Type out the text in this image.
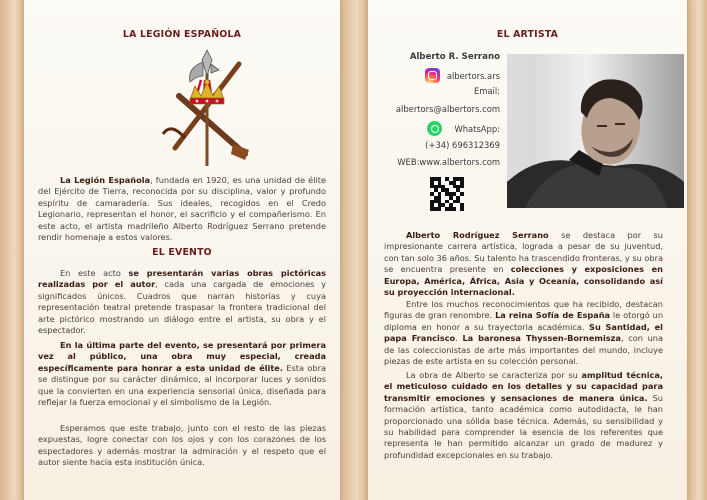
LA LEGIÓN ESPAÑOLA

La Legión Española, fundada en 1920, es una unidad de élite del Ejército de Tierra, reconocida por su disciplina, valor y profundo espíritu de camaradería. Sus ideales, recogidos en el Credo Legionario, representan el honor, el sacrificio y el compañerismo. En este acto, el artista madrileño Alberto Rodríguez Serrano pretende rendir homenaje a estos valores.

EL EVENTO

En este acto se presentarán varias obras pictóricas realizadas por el autor, cada una cargada de emociones y significados únicos. Cuadros que narran historias y cuya representación teatral pretende traspasar la frontera tradicional del arte pictórico mostrando un diálogo entre el artista, su obra y el espectador.

En la última parte del evento, se presentará por primera vez al público, una obra muy especial, creada específicamente para honrar a esta unidad de élite. Esta obra se distingue por su carácter dinámico, al incorporar luces y sonidos que la convierten en una experiencia sensorial única, diseñada para reflejar la fuerza emocional y el simbolismo de la Legión.

Esperamos que este trabajo, junto con el resto de las piezas expuestas, logre conectar con los ojos y con los corazones de los espectadores y además mostrar la admiración y el respeto que el autor siente hacia esta institución única.

EL ARTISTA
Alberto R. Serrano
albertors.ars
Email:
albertors@albertors.com
WhatsApp:
(+34) 696312369
WEB:www.albertors.com

Alberto Rodríguez Serrano se destaca por su impresionante carrera artística, lograda a pesar de su juventud, con tan solo 36 años. Su talento ha trascendido fronteras, y su obra se encuentra presente en colecciones y exposiciones en Europa, América, África, Asia y Oceanía, consolidando así su proyección internacional.

Entre los muchos reconocimientos que ha recibido, destacan figuras de gran renombre. La reina Sofía de España le otorgó un diploma en honor a su trayectoria académica. Su Santidad, el papa Francisco. La baronesa Thyssen-Bornemisza, con una de las coleccionistas de arte más importantes del mundo, incluye piezas de este artista en su colección personal.

La obra de Alberto se caracteriza por su amplitud técnica, el meticuloso cuidado en los detalles y su capacidad para transmitir emociones y sensaciones de manera única. Su formación artística, tanto académica como autodidacta, le han proporcionado una sólida base técnica. Además, su sensibilidad y su habilidad para comprender la esencia de los referentes que representa le han permitido alcanzar un grado de madurez y profundidad excepcionales en su trabajo.
